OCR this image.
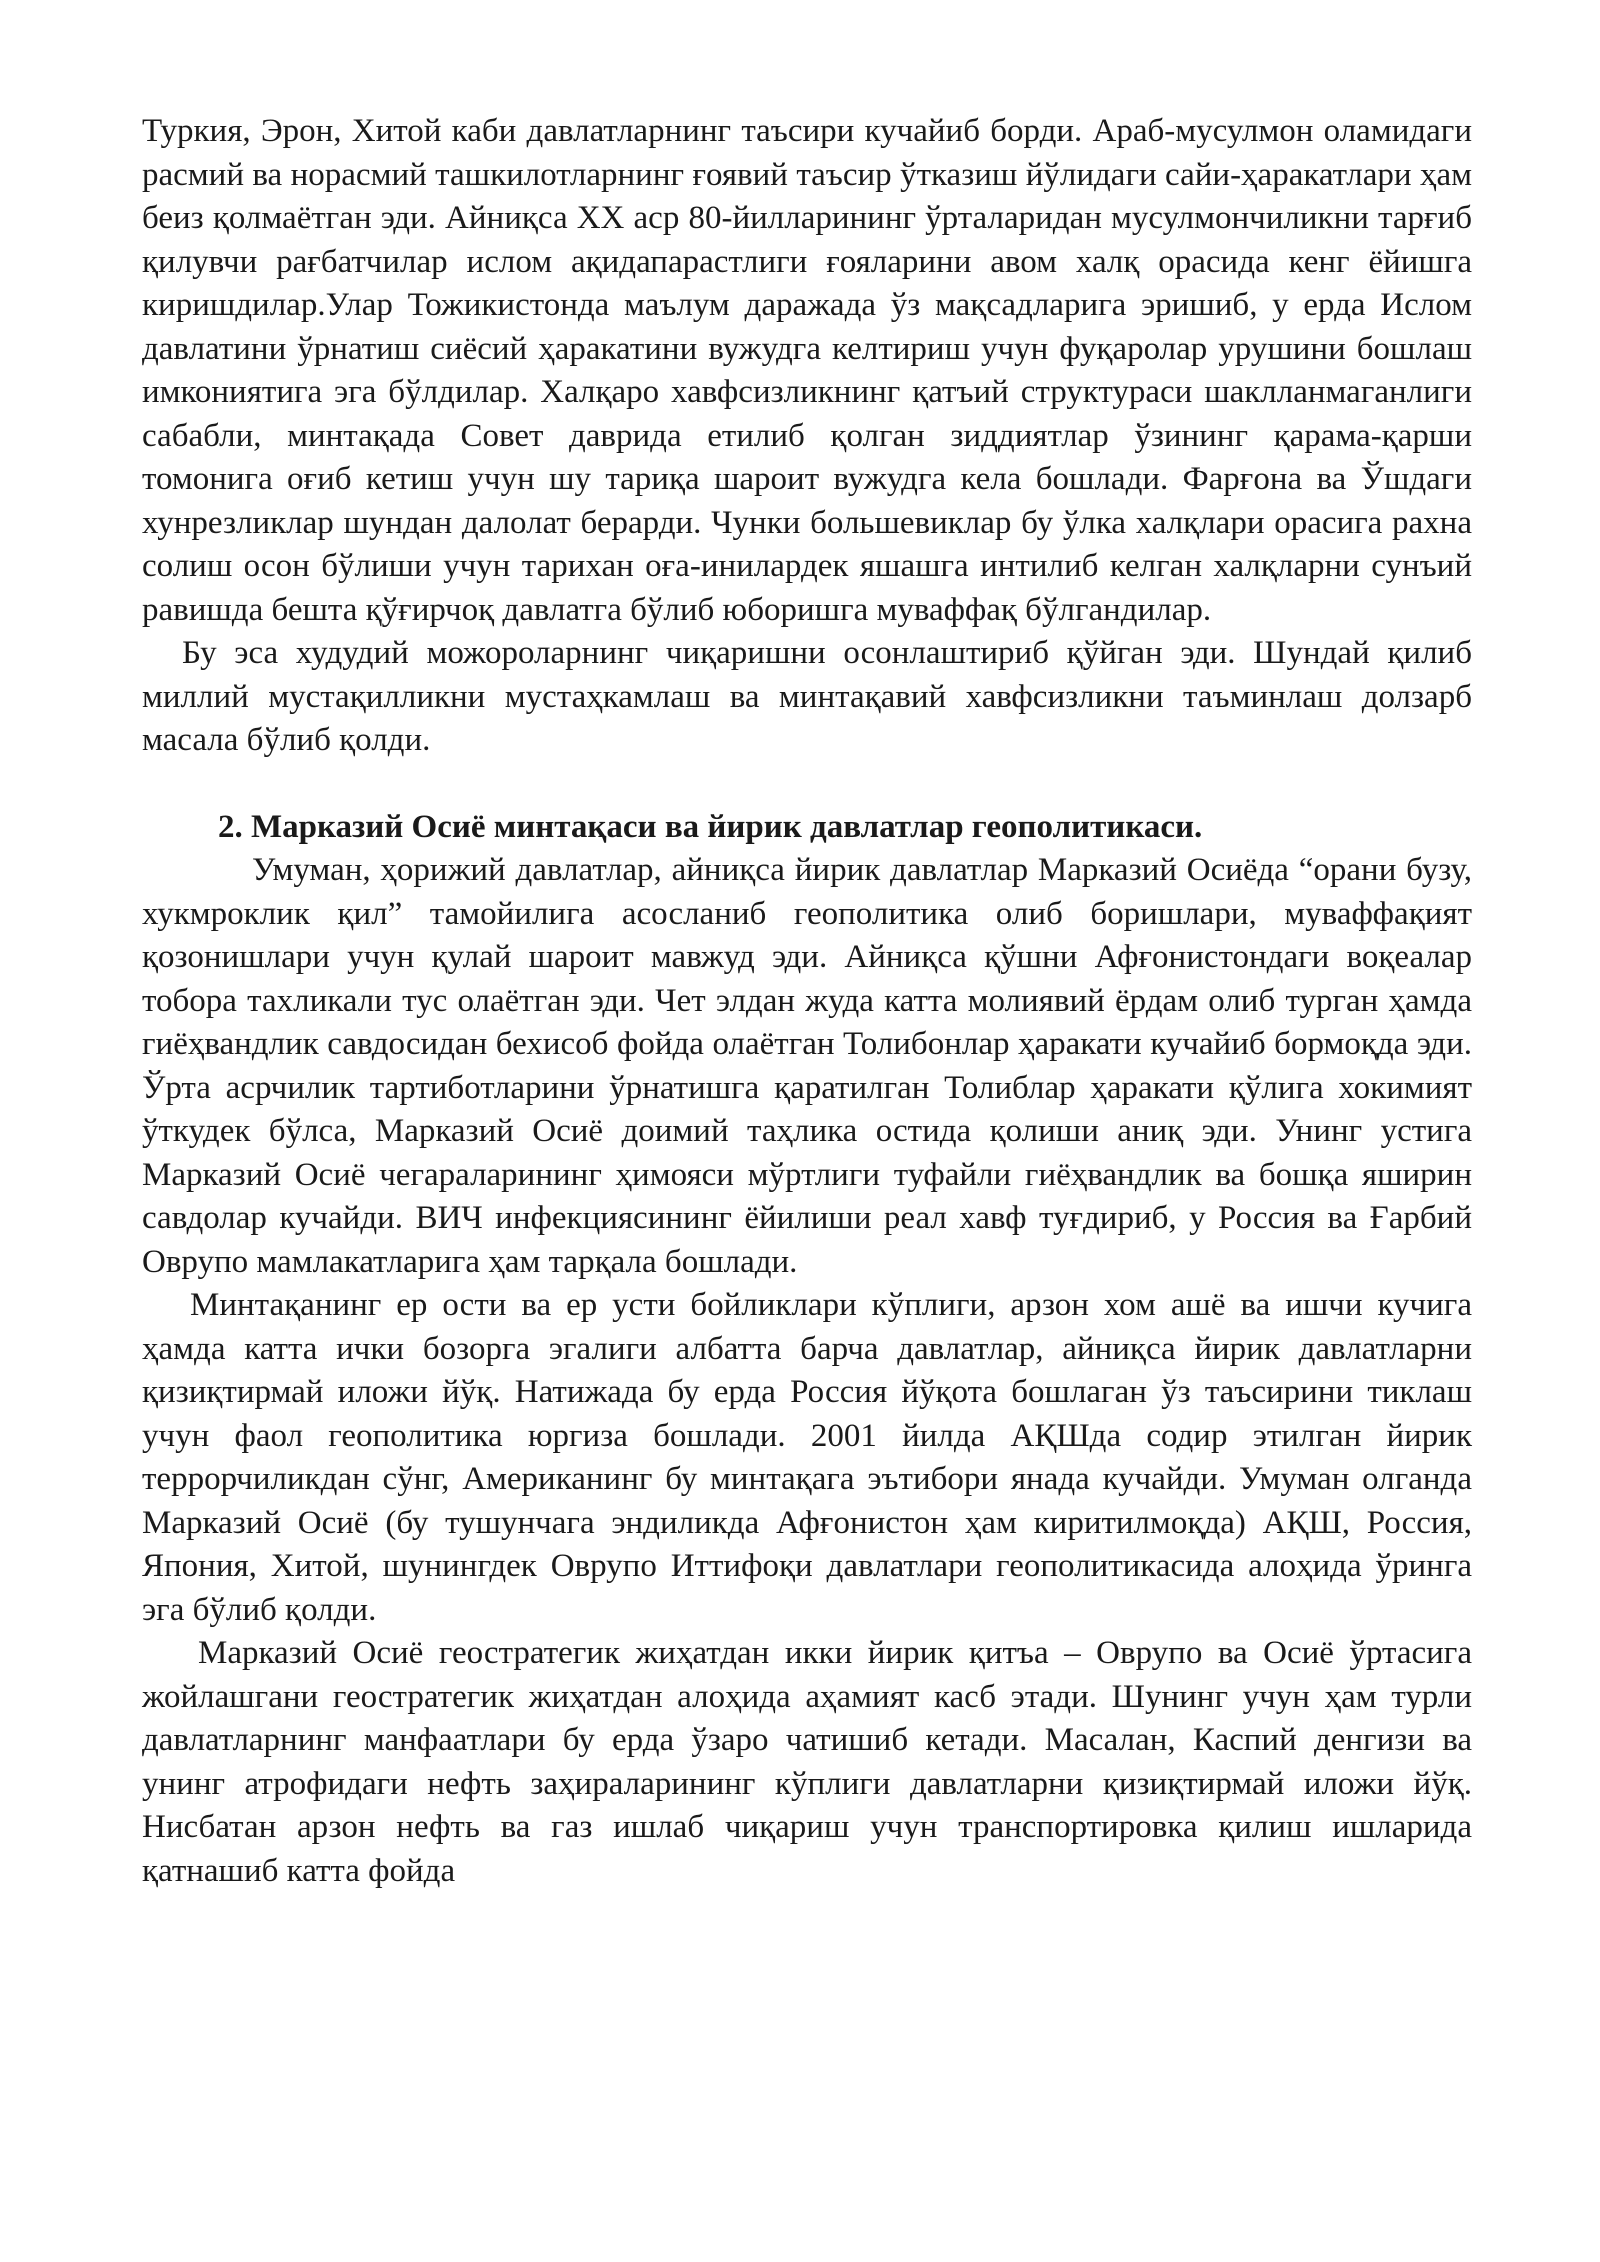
Туркия, Эрон, Хитой каби давлатларнинг таъсири кучайиб борди. Араб-мусулмон оламидаги расмий ва норасмий ташкилотларнинг ғоявий таъсир ўтказиш йўлидаги сайи-ҳаракатлари ҳам беиз қолмаётган эди. Айниқса XX аср 80-йилларининг ўрталаридан мусулмончиликни тарғиб қилувчи рағбатчилар ислом ақидапарастлиги ғояларини авом халқ орасида кенг ёйишга киришдилар.Улар Тожикистонда маълум даражада ўз мақсадларига эришиб, у ерда Ислом давлатини ўрнатиш сиёсий ҳаракатини вужудга келтириш учун фуқаролар урушини бошлаш имкониятига эга бўлдилар. Халқаро хавфсизликнинг қатъий структураси шаклланмаганлиги сабабли, минтақада Совет даврида етилиб қолган зиддиятлар ўзининг қарама-қарши томонига оғиб кетиш учун шу тариқа шароит вужудга кела бошлади. Фарғона ва Ўшдаги хунрезликлар шундан далолат берарди. Чунки большевиклар бу ўлка халқлари орасига рахна солиш осон бўлиши учун тарихан оға-инилардек яшашга интилиб келган халқларни сунъий равишда бешта қўғирчоқ давлатга бўлиб юборишга муваффақ бўлгандилар.

Бу эса худудий можороларнинг чиқаришни осонлаштириб қўйган эди. Шундай қилиб миллий мустақилликни мустаҳкамлаш ва минтақавий хавфсизликни таъминлаш долзарб масала бўлиб қолди.

2. Марказий Осиё минтақаси ва йирик давлатлар геополитикаси.

Умуман, ҳорижий давлатлар, айниқса йирик давлатлар Марказий Осиёда “орани бузу, хукмроклик қил” тамойилига асосланиб геополитика олиб боришлари, муваффақият қозонишлари учун қулай шароит мавжуд эди. Айниқса қўшни Афғонистондаги воқеалар тобора тахликали тус олаётган эди. Чет элдан жуда катта молиявий ёрдам олиб турган ҳамда гиёҳвандлик савдосидан бехисоб фойда олаётган Толибонлар ҳаракати кучайиб бормоқда эди. Ўрта асрчилик тартиботларини ўрнатишга қаратилган Толиблар ҳаракати қўлига хокимият ўткудек бўлса, Марказий Осиё доимий таҳлика остида қолиши аниқ эди. Унинг устига Марказий Осиё чегараларининг ҳимояси мўртлиги туфайли гиёҳвандлик ва бошқа яширин савдолар кучайди. ВИЧ инфекциясининг ёйилиши реал хавф туғдириб, у Россия ва Ғарбий Оврупо мамлакатларига ҳам тарқала бошлади.

Минтақанинг ер ости ва ер усти бойликлари кўплиги, арзон хом ашё ва ишчи кучига ҳамда катта ички бозорга эгалиги албатта барча давлатлар, айниқса йирик давлатларни қизиқтирмай иложи йўқ. Натижада бу ерда Россия йўқота бошлаган ўз таъсирини тиклаш учун фаол геополитика юргиза бошлади. 2001 йилда АҚШда содир этилган йирик террорчиликдан сўнг, Американинг бу минтақага эътибори янада кучайди. Умуман олганда Марказий Осиё (бу тушунчага эндиликда Афғонистон ҳам киритилмоқда) АҚШ, Россия, Япония, Хитой, шунингдек Оврупо Иттифоқи давлатлари геополитикасида алоҳида ўринга эга бўлиб қолди.

Марказий Осиё геостратегик жиҳатдан икки йирик қитъа – Оврупо ва Осиё ўртасига жойлашгани геостратегик жиҳатдан алоҳида аҳамият касб этади. Шунинг учун ҳам турли давлатларнинг манфаатлари бу ерда ўзаро чатишиб кетади. Масалан, Каспий денгизи ва унинг атрофидаги нефть заҳираларининг кўплиги давлатларни қизиқтирмай иложи йўқ. Нисбатан арзон нефть ва газ ишлаб чиқариш учун транспортировка қилиш ишларида қатнашиб катта фойда
